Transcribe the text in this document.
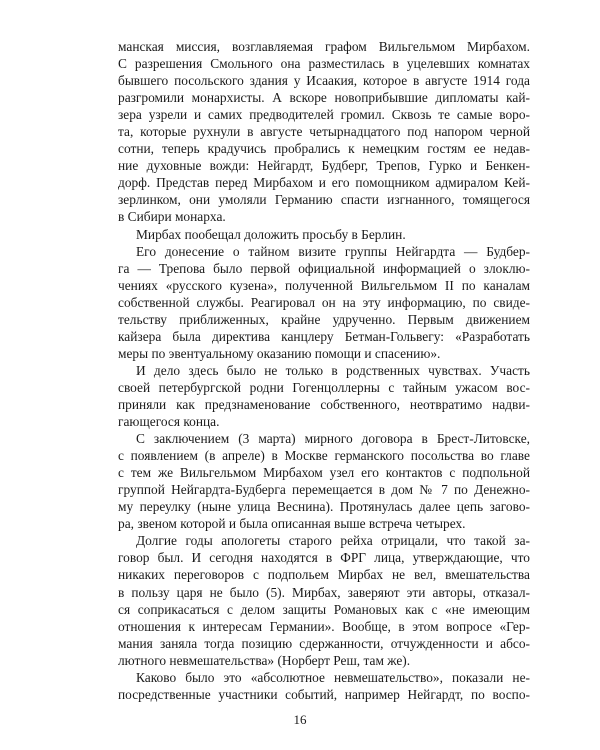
манская миссия, возглавляемая графом Вильгельмом Мирбахом.
С разрешения Смольного она разместилась в уцелевших комнатах
бывшего посольского здания у Исаакия, которое в августе 1914 года
разгромили монархисты. А вскоре новоприбывшие дипломаты кай-
зера узрели и самих предводителей громил. Сквозь те самые воро-
та, которые рухнули в августе четырнадцатого под напором черной
сотни, теперь крадучись пробрались к немецким гостям ее недав-
ние духовные вожди: Нейгардт, Будберг, Трепов, Гурко и Бенкен-
дорф. Представ перед Мирбахом и его помощником адмиралом Кей-
зерлинком, они умоляли Германию спасти изгнанного, томящегося
в Сибири монарха.
Мирбах пообещал доложить просьбу в Берлин.
Его донесение о тайном визите группы Нейгардта — Будбер-
га — Трепова было первой официальной информацией о злоклю-
чениях «русского кузена», полученной Вильгельмом II по каналам
собственной службы. Реагировал он на эту информацию, по свиде-
тельству приближенных, крайне удрученно. Первым движением
кайзера была директива канцлеру Бетман-Гольвегу: «Разработать
меры по эвентуальному оказанию помощи и спасению».
И дело здесь было не только в родственных чувствах. Участь
своей петербургской родни Гогенцоллерны с тайным ужасом вос-
приняли как предзнаменование собственного, неотвратимо надви-
гающегося конца.
С заключением (3 марта) мирного договора в Брест-Литовске,
с появлением (в апреле) в Москве германского посольства во главе
с тем же Вильгельмом Мирбахом узел его контактов с подпольной
группой Нейгардта-Будберга перемещается в дом № 7 по Денежно-
му переулку (ныне улица Веснина). Протянулась далее цепь загово-
ра, звеном которой и была описанная выше встреча четырех.
Долгие годы апологеты старого рейха отрицали, что такой за-
говор был. И сегодня находятся в ФРГ лица, утверждающие, что
никаких переговоров с подпольем Мирбах не вел, вмешательства
в пользу царя не было (5). Мирбах, заверяют эти авторы, отказал-
ся соприкасаться с делом защиты Романовых как с «не имеющим
отношения к интересам Германии». Вообще, в этом вопросе «Гер-
мания заняла тогда позицию сдержанности, отчужденности и абсо-
лютного невмешательства» (Норберт Реш, там же).
Каково было это «абсолютное невмешательство», показали не-
посредственные участники событий, например Нейгардт, по воспо-
16
